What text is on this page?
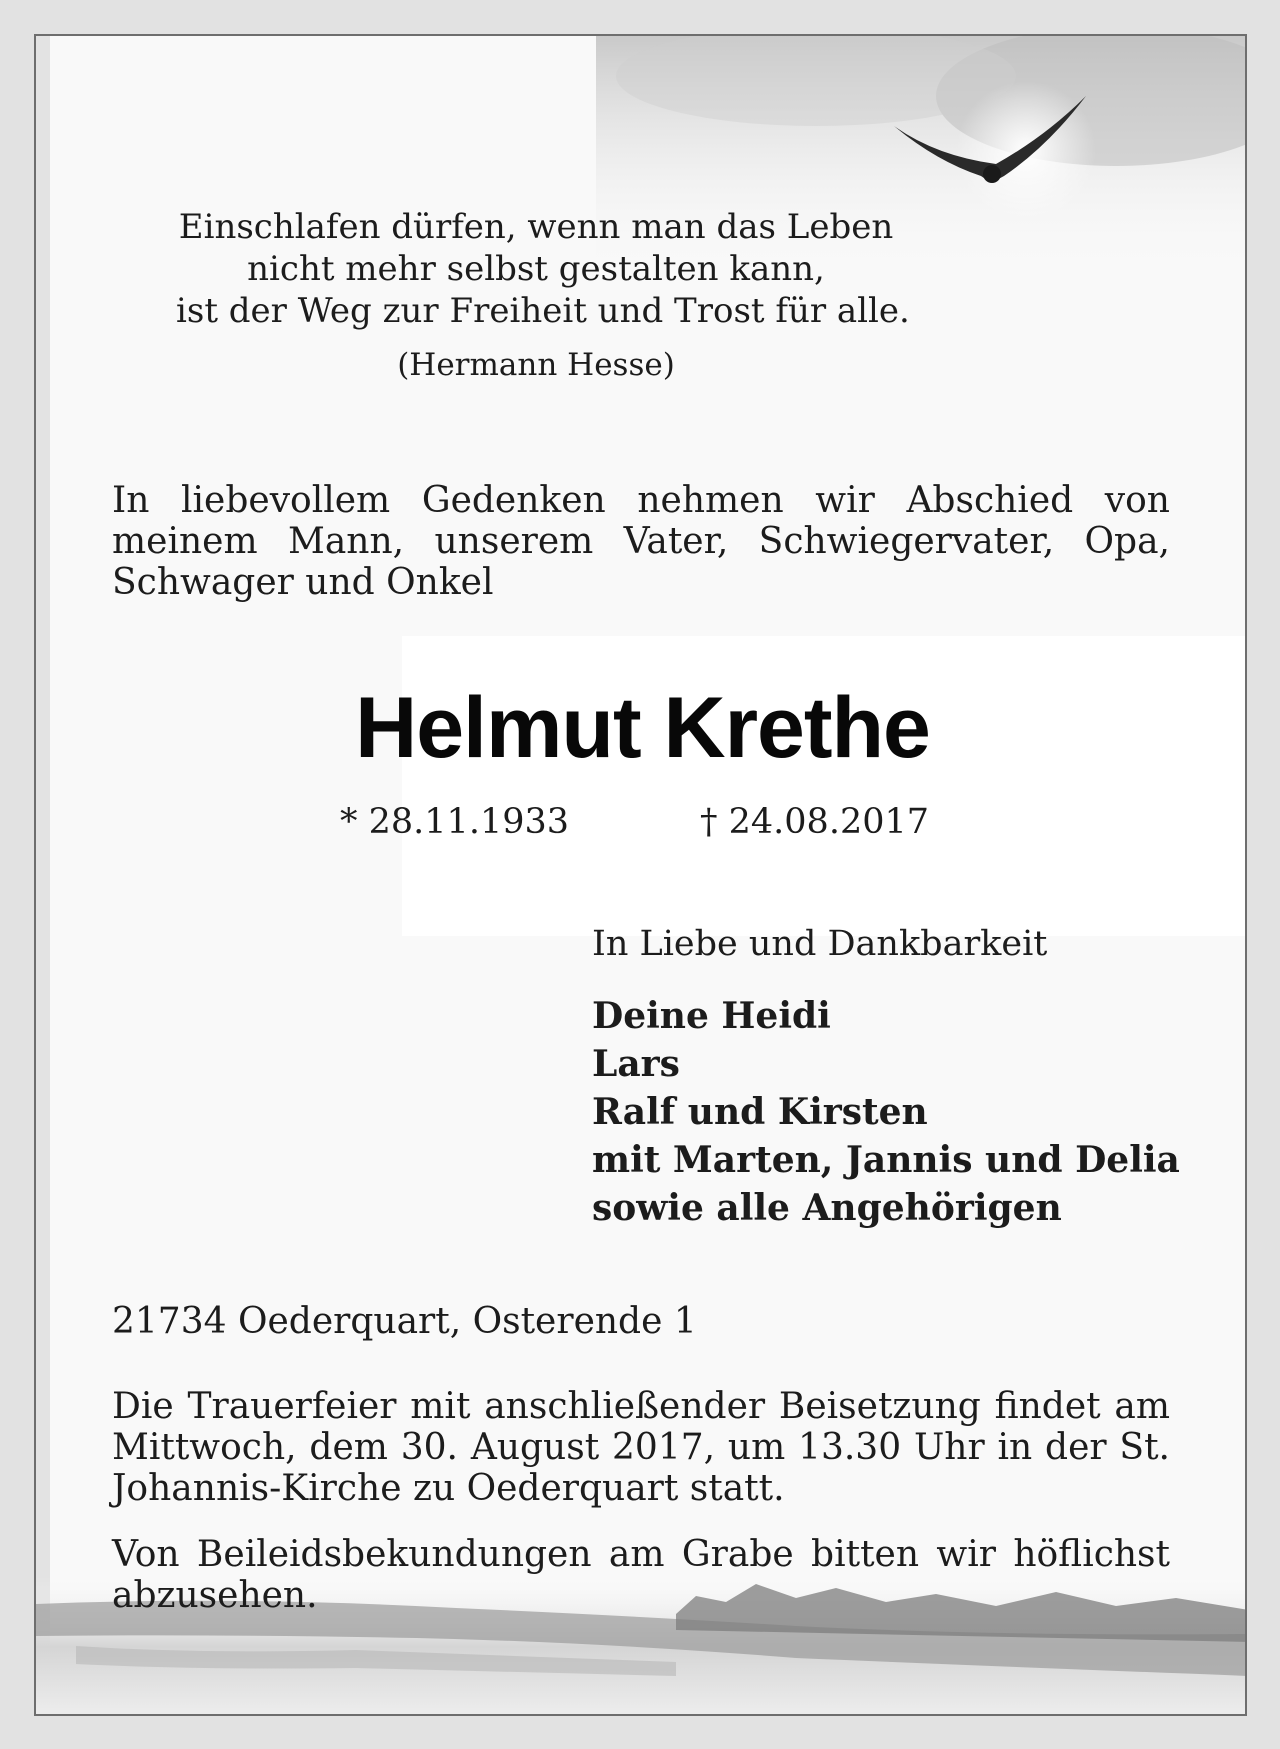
Einschlafen dürfen, wenn man das Leben
nicht mehr selbst gestalten kann,
ist der Weg zur Freiheit und Trost für alle.
(Hermann Hesse)
In liebevollem Gedenken nehmen wir Abschied von meinem Mann, unserem Vater, Schwiegervater, Opa, Schwager und Onkel
Helmut Krethe
* 28.11.1933	† 24.08.2017
In Liebe und Dankbarkeit
Deine Heidi
Lars
Ralf und Kirsten
mit Marten, Jannis und Delia
sowie alle Angehörigen
21734 Oederquart, Osterende 1
Die Trauerfeier mit anschließender Beisetzung findet am Mittwoch, dem 30. August 2017, um 13.30 Uhr in der St. Johannis-Kirche zu Oederquart statt.
Von Beileidsbekundungen am Grabe bitten wir höflichst abzusehen.
